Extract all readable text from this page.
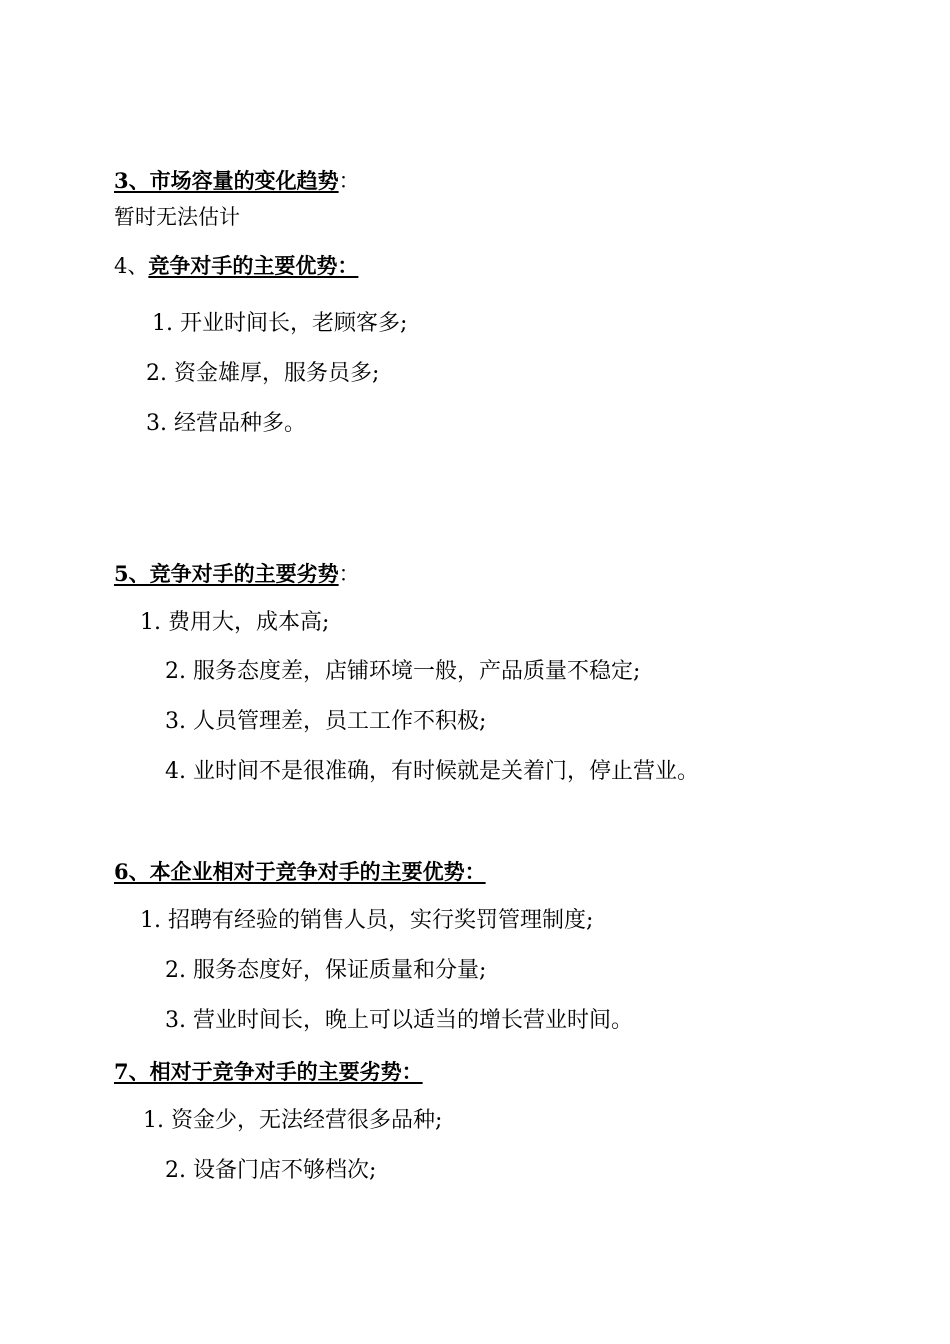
3、市场容量的变化趋势：
暂时无法估计
4、竞争对手的主要优势：
1. 开业时间长，老顾客多;
2. 资金雄厚，服务员多;
3. 经营品种多。
5、竞争对手的主要劣势：
1. 费用大，成本高;
2. 服务态度差，店铺环境一般，产品质量不稳定;
3. 人员管理差，员工工作不积极;
4. 业时间不是很准确，有时候就是关着门，停止营业。
6、本企业相对于竞争对手的主要优势：
1. 招聘有经验的销售人员，实行奖罚管理制度;
2. 服务态度好，保证质量和分量;
3. 营业时间长，晚上可以适当的增长营业时间。
7、相对于竞争对手的主要劣势：
1. 资金少，无法经营很多品种;
2. 设备门店不够档次;
